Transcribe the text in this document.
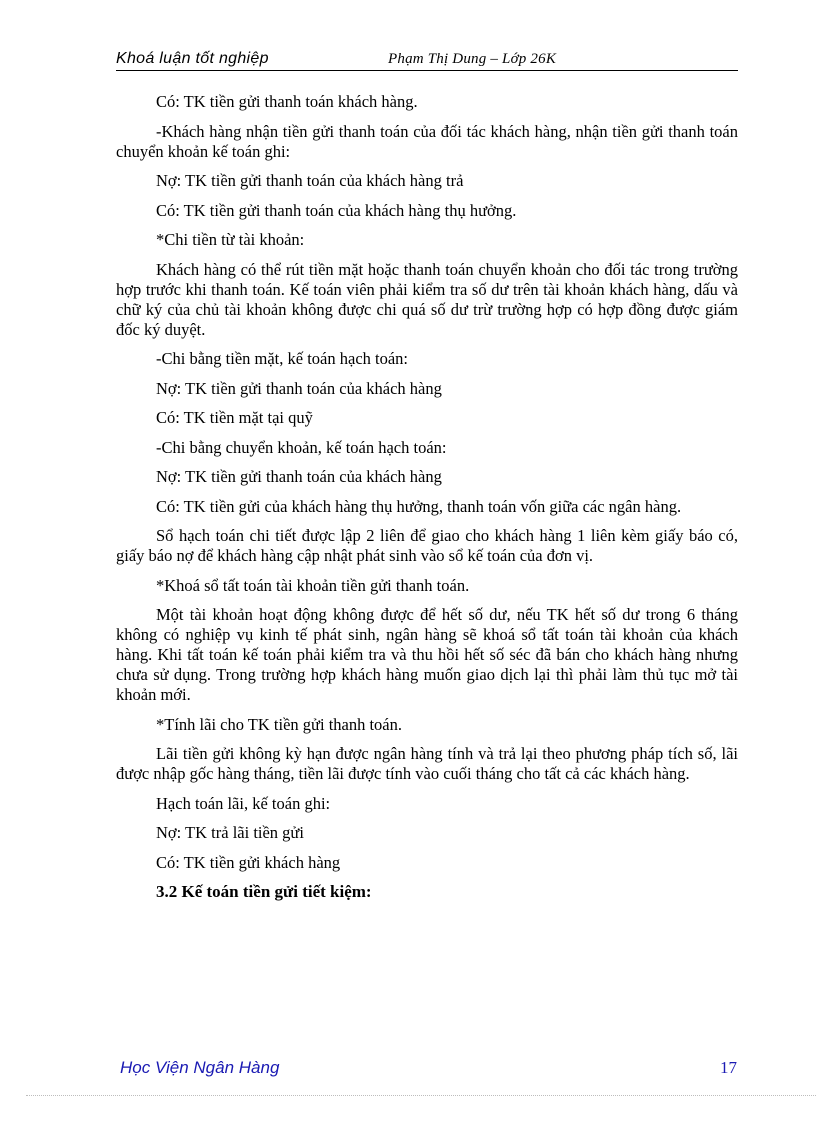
Khoá luận tốt nghiệp	Phạm Thị Dung – Lớp 26K

Có: TK tiền gửi thanh toán khách hàng.

-Khách hàng nhận tiền gửi thanh toán của đối tác khách hàng, nhận tiền gửi thanh toán chuyển khoản kế toán ghi:

Nợ: TK tiền gửi thanh toán của khách hàng trả

Có: TK tiền gửi thanh toán của khách hàng thụ hưởng.

*Chi tiền từ tài khoản:

Khách hàng có thể rút tiền mặt hoặc thanh toán chuyển khoản cho đối tác trong trường hợp trước khi thanh toán. Kế toán viên phải kiểm tra số dư trên tài khoản khách hàng, dấu và chữ ký của chủ tài khoản không được chi quá số dư trừ trường hợp có hợp đồng được giám đốc ký duyệt.

-Chi bằng tiền mặt, kế toán hạch toán:

Nợ: TK tiền gửi thanh toán của khách hàng

Có: TK tiền mặt tại quỹ

-Chi bằng chuyển khoản, kế toán hạch toán:

Nợ: TK tiền gửi thanh toán của khách hàng

Có: TK tiền gửi của khách hàng thụ hưởng, thanh toán vốn giữa các ngân hàng.

Sổ hạch toán chi tiết được lập 2 liên để giao cho khách hàng 1 liên kèm giấy báo có, giấy báo nợ để khách hàng cập nhật phát sinh vào sổ kế toán của đơn vị.

*Khoá sổ tất toán tài khoản tiền gửi thanh toán.

Một tài khoản hoạt động không được để hết số dư, nếu TK hết số dư trong 6 tháng không có nghiệp vụ kinh tế phát sinh, ngân hàng sẽ khoá sổ tất toán tài khoản của khách hàng. Khi tất toán kế toán phải kiểm tra và thu hồi hết số séc đã bán cho khách hàng nhưng chưa sử dụng. Trong trường hợp khách hàng muốn giao dịch lại thì phải làm thủ tục mở tài khoản mới.

*Tính lãi cho TK tiền gửi thanh toán.

Lãi tiền gửi không kỳ hạn được ngân hàng tính và trả lại theo phương pháp tích số, lãi được nhập gốc hàng tháng, tiền lãi được tính vào cuối tháng cho tất cả các khách hàng.

Hạch toán lãi, kế toán ghi:

Nợ: TK trả lãi tiền gửi

Có: TK tiền gửi khách hàng

3.2 Kế toán tiền gửi tiết kiệm:

Học Viện Ngân Hàng	17
